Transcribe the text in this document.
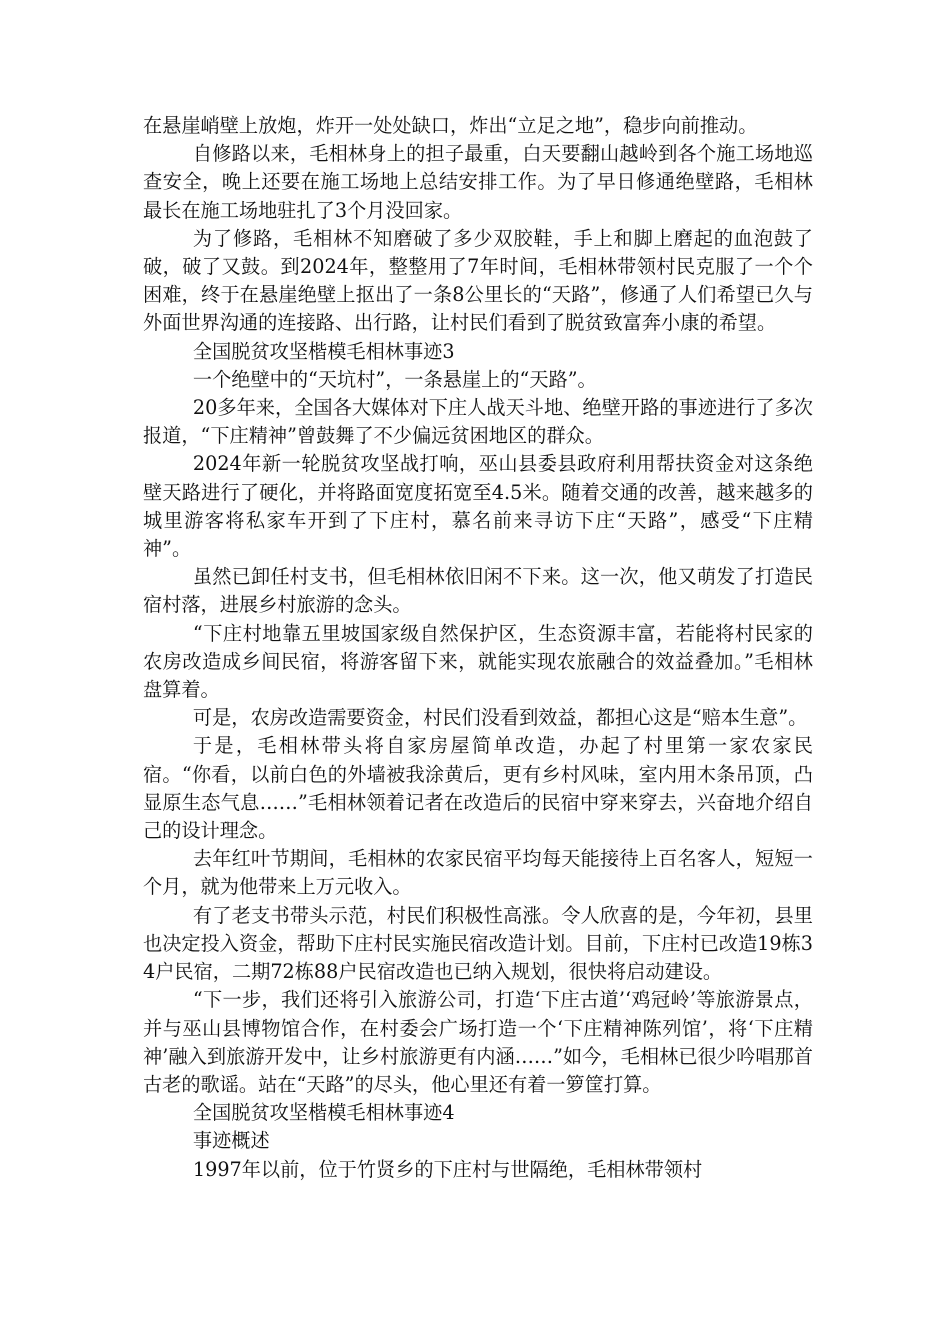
在悬崖峭壁上放炮，炸开一处处缺口，炸出“立足之地”，稳步向前推动。

自修路以来，毛相林身上的担子最重，白天要翻山越岭到各个施工场地巡查安全，晚上还要在施工场地上总结安排工作。为了早日修通绝壁路，毛相林最长在施工场地驻扎了3个月没回家。

为了修路，毛相林不知磨破了多少双胶鞋，手上和脚上磨起的血泡鼓了破，破了又鼓。到2024年，整整用了7年时间，毛相林带领村民克服了一个个困难，终于在悬崖绝壁上抠出了一条8公里长的“天路”，修通了人们希望已久与外面世界沟通的连接路、出行路，让村民们看到了脱贫致富奔小康的希望。

全国脱贫攻坚楷模毛相林事迹3

一个绝壁中的“天坑村”，一条悬崖上的“天路”。

20多年来，全国各大媒体对下庄人战天斗地、绝壁开路的事迹进行了多次报道，“下庄精神”曾鼓舞了不少偏远贫困地区的群众。

2024年新一轮脱贫攻坚战打响，巫山县委县政府利用帮扶资金对这条绝壁天路进行了硬化，并将路面宽度拓宽至4.5米。随着交通的改善，越来越多的城里游客将私家车开到了下庄村，慕名前来寻访下庄“天路”，感受“下庄精神”。

虽然已卸任村支书，但毛相林依旧闲不下来。这一次，他又萌发了打造民宿村落，进展乡村旅游的念头。

“下庄村地靠五里坡国家级自然保护区，生态资源丰富，若能将村民家的农房改造成乡间民宿，将游客留下来，就能实现农旅融合的效益叠加。”毛相林盘算着。

可是，农房改造需要资金，村民们没看到效益，都担心这是“赔本生意”。

于是，毛相林带头将自家房屋简单改造，办起了村里第一家农家民宿。“你看，以前白色的外墙被我涂黄后，更有乡村风味，室内用木条吊顶，凸显原生态气息……”毛相林领着记者在改造后的民宿中穿来穿去，兴奋地介绍自己的设计理念。

去年红叶节期间，毛相林的农家民宿平均每天能接待上百名客人，短短一个月，就为他带来上万元收入。

有了老支书带头示范，村民们积极性高涨。令人欣喜的是，今年初，县里也决定投入资金，帮助下庄村民实施民宿改造计划。目前，下庄村已改造19栋34户民宿，二期72栋88户民宿改造也已纳入规划，很快将启动建设。

“下一步，我们还将引入旅游公司，打造‘下庄古道’‘鸡冠岭’等旅游景点，并与巫山县博物馆合作，在村委会广场打造一个‘下庄精神陈列馆’，将‘下庄精神’融入到旅游开发中，让乡村旅游更有内涵……”如今，毛相林已很少吟唱那首古老的歌谣。站在“天路”的尽头，他心里还有着一箩筐打算。

全国脱贫攻坚楷模毛相林事迹4

事迹概述

1997年以前，位于竹贤乡的下庄村与世隔绝，毛相林带领村
